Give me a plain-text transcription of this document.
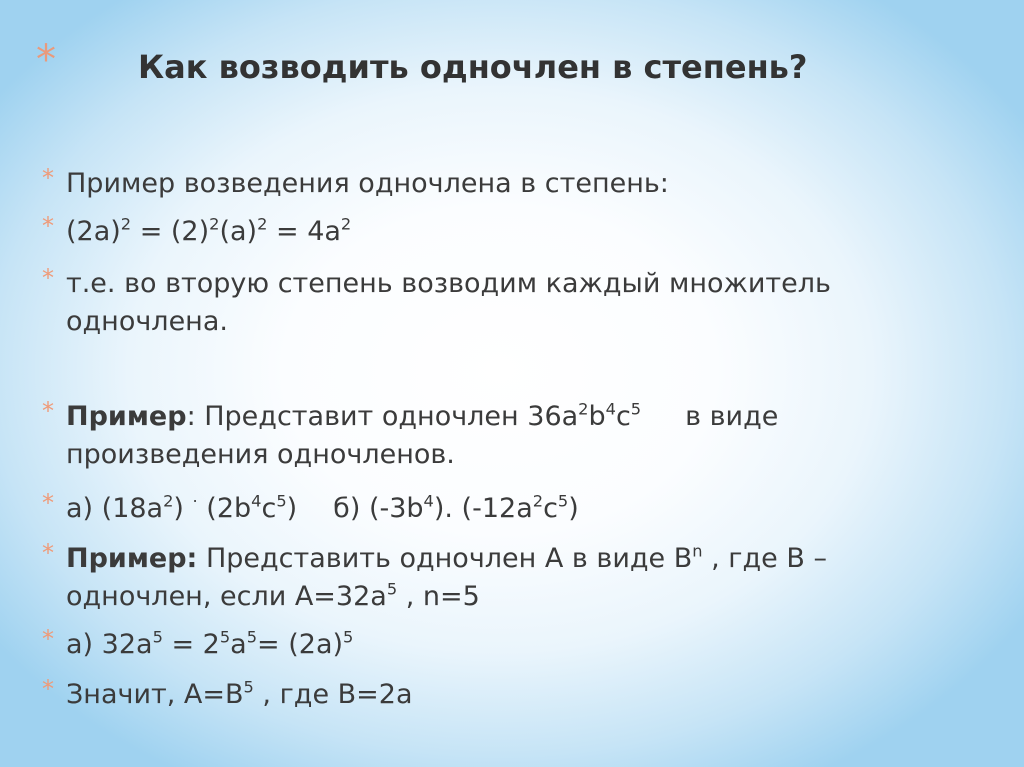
*	Как возводить одночлен в степень?
* Пример возведения одночлена в степень:
* $(2a)^2 = (2)^2(a)^2 = 4a^2$
* т.е. во вторую степень возводим каждый множитель одночлена.
* Пример: Представит одночлен $36a^2b^4c^5$ в виде произведения одночленов.
* а) $(18a^2)$ · $(2b^4c^5)$ б) $(-3b^4)$. $(-12a^2c^5)$
* Пример: Представить одночлен А в виде $В^n$ , где В – одночлен, если $А=32a^5$ , n=5
* а) $32a^5 = 2^5a^5= (2a)^5$
* Значит, $А=В^5$ , где В=2a
